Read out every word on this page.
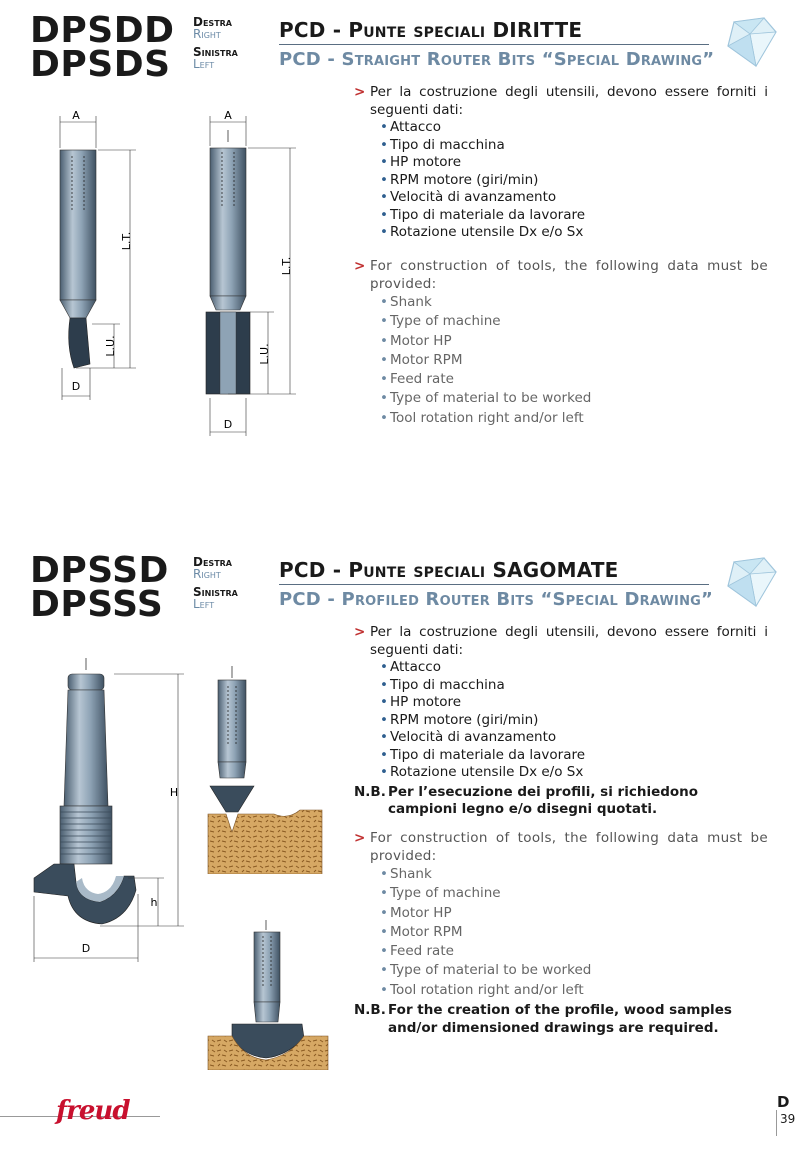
DPSDD
DPSDS
Destra
Right
Sinistra
Left
PCD - Punte speciali DIRITTE
PCD - Straight Router Bits “Special Drawing”
A
L.T.
L.U.
D
A
L.T.
L.U.
D
> Per la costruzione degli utensili, devono essere forniti i seguenti dati:
• Attacco
• Tipo di macchina
• HP motore
• RPM motore (giri/min)
• Velocità di avanzamento
• Tipo di materiale da lavorare
• Rotazione utensile Dx e/o Sx
> For construction of tools, the following data must be provided:
• Shank
• Type of machine
• Motor HP
• Motor RPM
• Feed rate
• Type of material to be worked
• Tool rotation right and/or left
DPSSD
DPSSS
Destra
Right
Sinistra
Left
PCD - Punte speciali SAGOMATE
PCD - Profiled Router Bits “Special Drawing”
H
h
D
> Per la costruzione degli utensili, devono essere forniti i seguenti dati:
• Attacco
• Tipo di macchina
• HP motore
• RPM motore (giri/min)
• Velocità di avanzamento
• Tipo di materiale da lavorare
• Rotazione utensile Dx e/o Sx
N.B. Per l’esecuzione dei profili, si richiedono campioni legno e/o disegni quotati.
> For construction of tools, the following data must be provided:
• Shank
• Type of machine
• Motor HP
• Motor RPM
• Feed rate
• Type of material to be worked
• Tool rotation right and/or left
N.B. For the creation of the profile, wood samples and/or dimensioned drawings are required.
freud	D
39
